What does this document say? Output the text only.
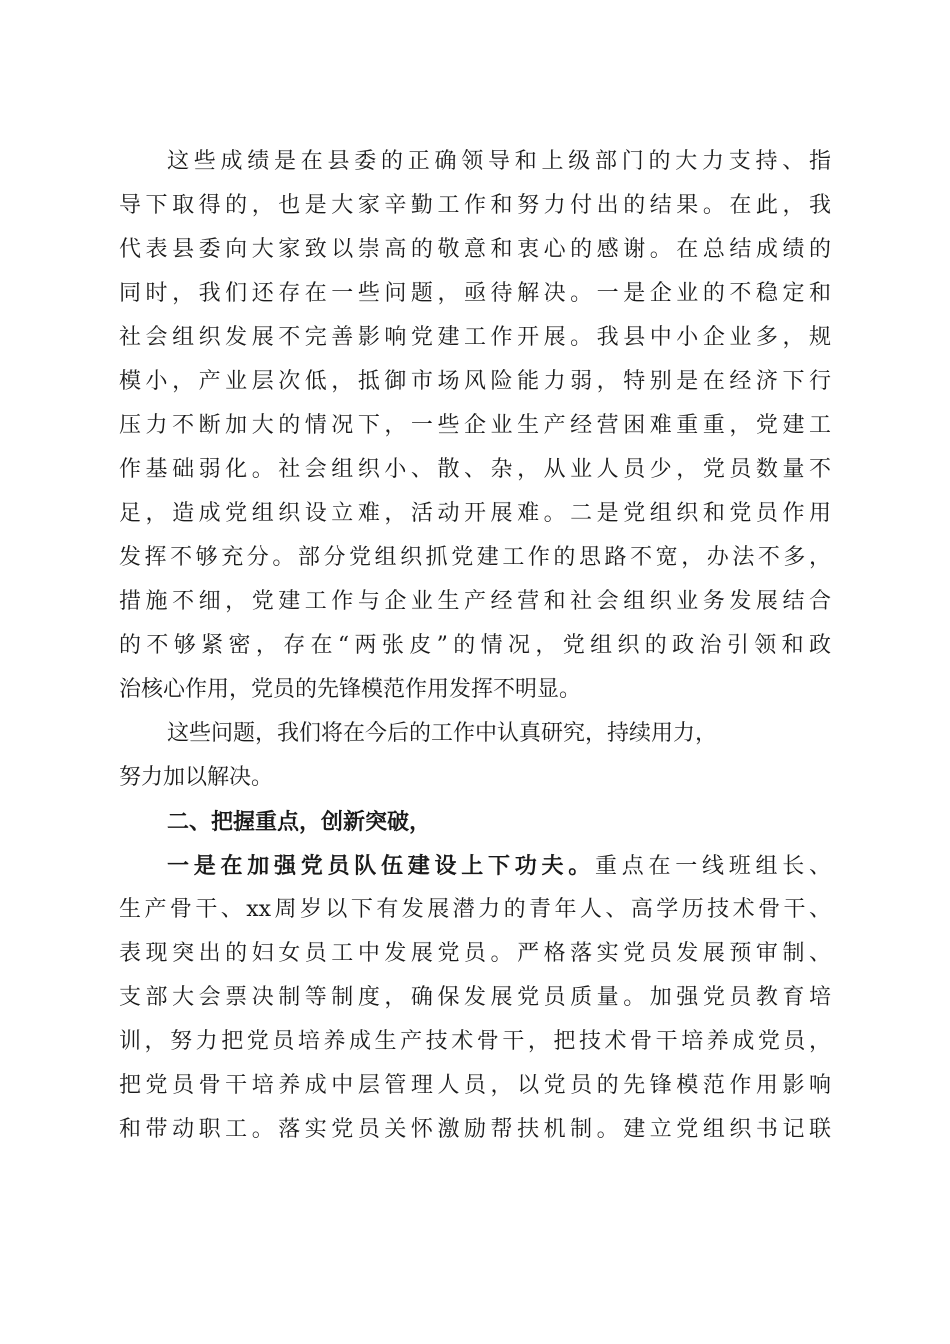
这些成绩是在县委的正确领导和上级部门的大力支持、指
导下取得的，也是大家辛勤工作和努力付出的结果。在此，我
代表县委向大家致以崇高的敬意和衷心的感谢。在总结成绩的
同时，我们还存在一些问题，亟待解决。一是企业的不稳定和
社会组织发展不完善影响党建工作开展。我县中小企业多，规
模小，产业层次低，抵御市场风险能力弱，特别是在经济下行
压力不断加大的情况下，一些企业生产经营困难重重，党建工
作基础弱化。社会组织小、散、杂，从业人员少，党员数量不
足，造成党组织设立难，活动开展难。二是党组织和党员作用
发挥不够充分。部分党组织抓党建工作的思路不宽，办法不多，
措施不细，党建工作与企业生产经营和社会组织业务发展结合
的不够紧密，存在“两张皮”的情况，党组织的政治引领和政
治核心作用，党员的先锋模范作用发挥不明显。
这些问题，我们将在今后的工作中认真研究，持续用力，
努力加以解决。
二、把握重点，创新突破，
一是在加强党员队伍建设上下功夫。重点在一线班组长、
生产骨干、xx周岁以下有发展潜力的青年人、高学历技术骨干、
表现突出的妇女员工中发展党员。严格落实党员发展预审制、
支部大会票决制等制度，确保发展党员质量。加强党员教育培
训，努力把党员培养成生产技术骨干，把技术骨干培养成党员，
把党员骨干培养成中层管理人员，以党员的先锋模范作用影响
和带动职工。落实党员关怀激励帮扶机制。建立党组织书记联
